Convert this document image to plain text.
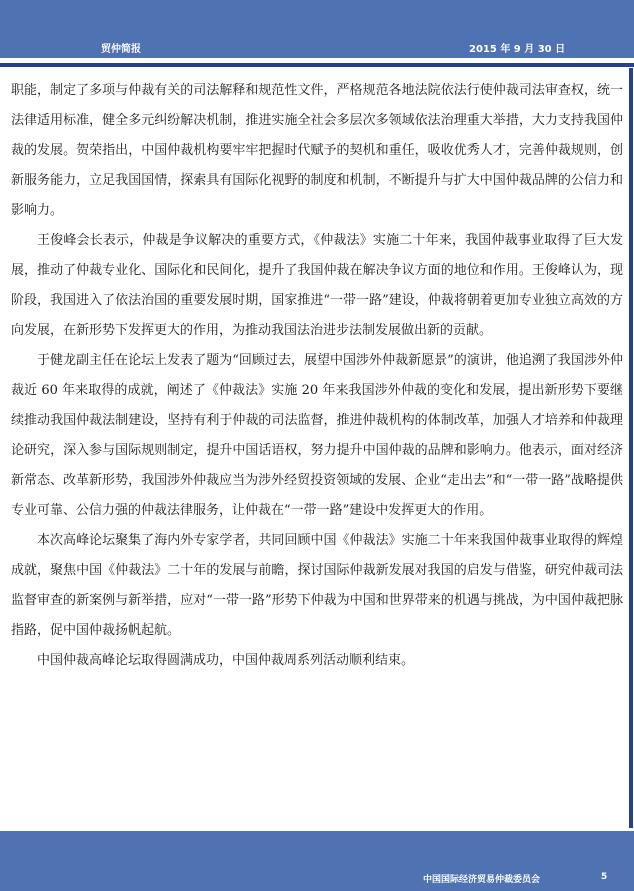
贸仲简报	2015 年 9 月 30 日

职能，制定了多项与仲裁有关的司法解释和规范性文件，严格规范各地法院依法行使仲裁司法审查权，统一法律适用标准，健全多元纠纷解决机制，推进实施全社会多层次多领域依法治理重大举措，大力支持我国仲裁的发展。贺荣指出，中国仲裁机构要牢牢把握时代赋予的契机和重任，吸收优秀人才，完善仲裁规则，创新服务能力，立足我国国情，探索具有国际化视野的制度和机制，不断提升与扩大中国仲裁品牌的公信力和影响力。

王俊峰会长表示，仲裁是争议解决的重要方式，《仲裁法》实施二十年来，我国仲裁事业取得了巨大发展，推动了仲裁专业化、国际化和民间化，提升了我国仲裁在解决争议方面的地位和作用。王俊峰认为，现阶段，我国进入了依法治国的重要发展时期，国家推进“一带一路”建设，仲裁将朝着更加专业独立高效的方向发展，在新形势下发挥更大的作用，为推动我国法治进步法制发展做出新的贡献。

于健龙副主任在论坛上发表了题为“回顾过去，展望中国涉外仲裁新愿景”的演讲，他追溯了我国涉外仲裁近 60 年来取得的成就，阐述了《仲裁法》实施 20 年来我国涉外仲裁的变化和发展，提出新形势下要继续推动我国仲裁法制建设，坚持有利于仲裁的司法监督，推进仲裁机构的体制改革，加强人才培养和仲裁理论研究，深入参与国际规则制定，提升中国话语权，努力提升中国仲裁的品牌和影响力。他表示，面对经济新常态、改革新形势，我国涉外仲裁应当为涉外经贸投资领域的发展、企业“走出去”和“一带一路”战略提供专业可靠、公信力强的仲裁法律服务，让仲裁在“一带一路”建设中发挥更大的作用。

本次高峰论坛聚集了海内外专家学者，共同回顾中国《仲裁法》实施二十年来我国仲裁事业取得的辉煌成就，聚焦中国《仲裁法》二十年的发展与前瞻，探讨国际仲裁新发展对我国的启发与借鉴，研究仲裁司法监督审查的新案例与新举措，应对“一带一路”形势下仲裁为中国和世界带来的机遇与挑战，为中国仲裁把脉指路，促中国仲裁扬帆起航。

中国仲裁高峰论坛取得圆满成功，中国仲裁周系列活动顺利结束。

中国国际经济贸易仲裁委员会	5
